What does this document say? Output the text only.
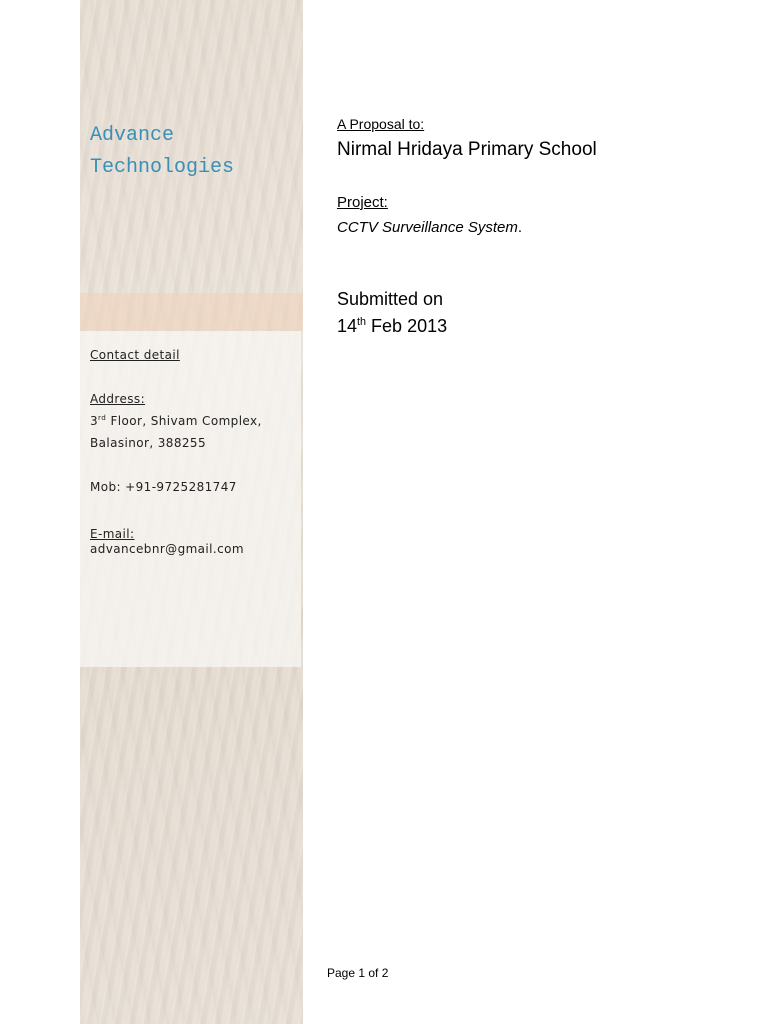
Advance
Technologies
Contact detail

Address:
3rd Floor, Shivam Complex,
Balasinor, 388255

Mob: +91-9725281747

E-mail:
advancebnr@gmail.com
A Proposal to:
Nirmal Hridaya Primary School
Project:
CCTV Surveillance System.
Submitted on
14th Feb 2013
Page 1 of 2
